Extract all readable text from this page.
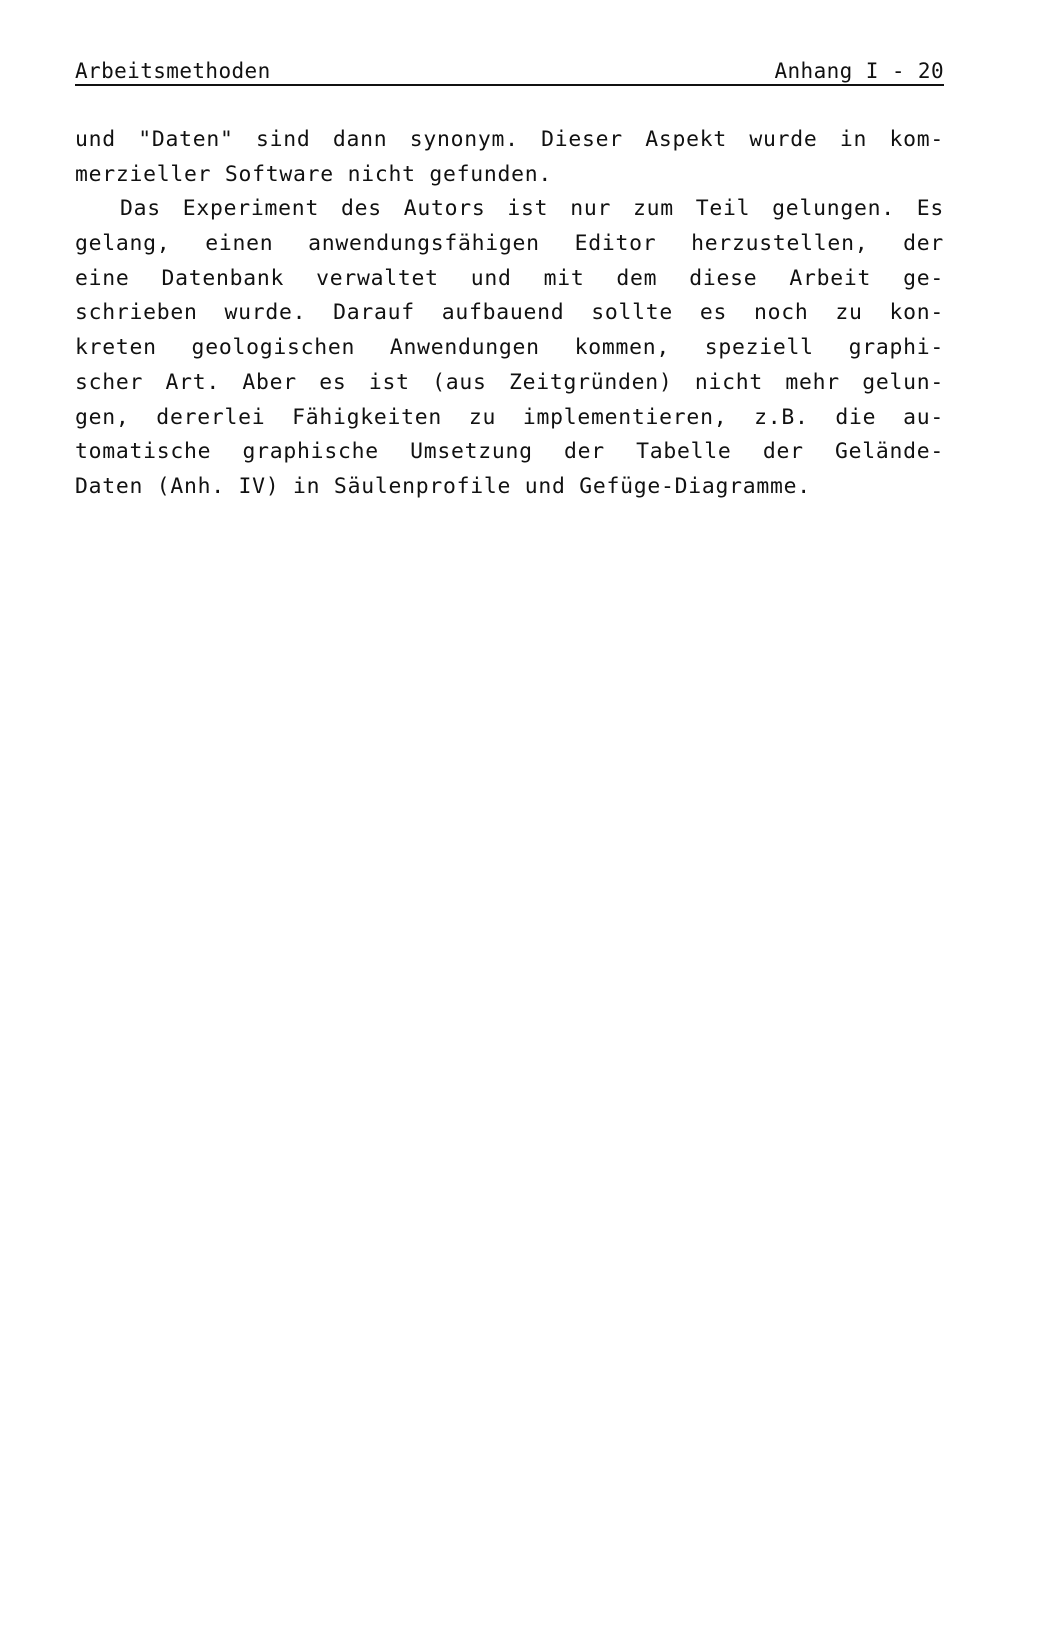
Arbeitsmethoden	Anhang I - 20
und "Daten" sind dann synonym. Dieser Aspekt wurde in kom-
merzieller Software nicht gefunden.
Das Experiment des Autors ist nur zum Teil gelungen. Es
gelang, einen anwendungsfähigen Editor herzustellen, der
eine Datenbank verwaltet und mit dem diese Arbeit ge-
schrieben wurde. Darauf aufbauend sollte es noch zu kon-
kreten geologischen Anwendungen kommen, speziell graphi-
scher Art. Aber es ist (aus Zeitgründen) nicht mehr gelun-
gen, dererlei Fähigkeiten zu implementieren, z.B. die au-
tomatische graphische Umsetzung der Tabelle der Gelände-
Daten (Anh. IV) in Säulenprofile und Gefüge-Diagramme.
